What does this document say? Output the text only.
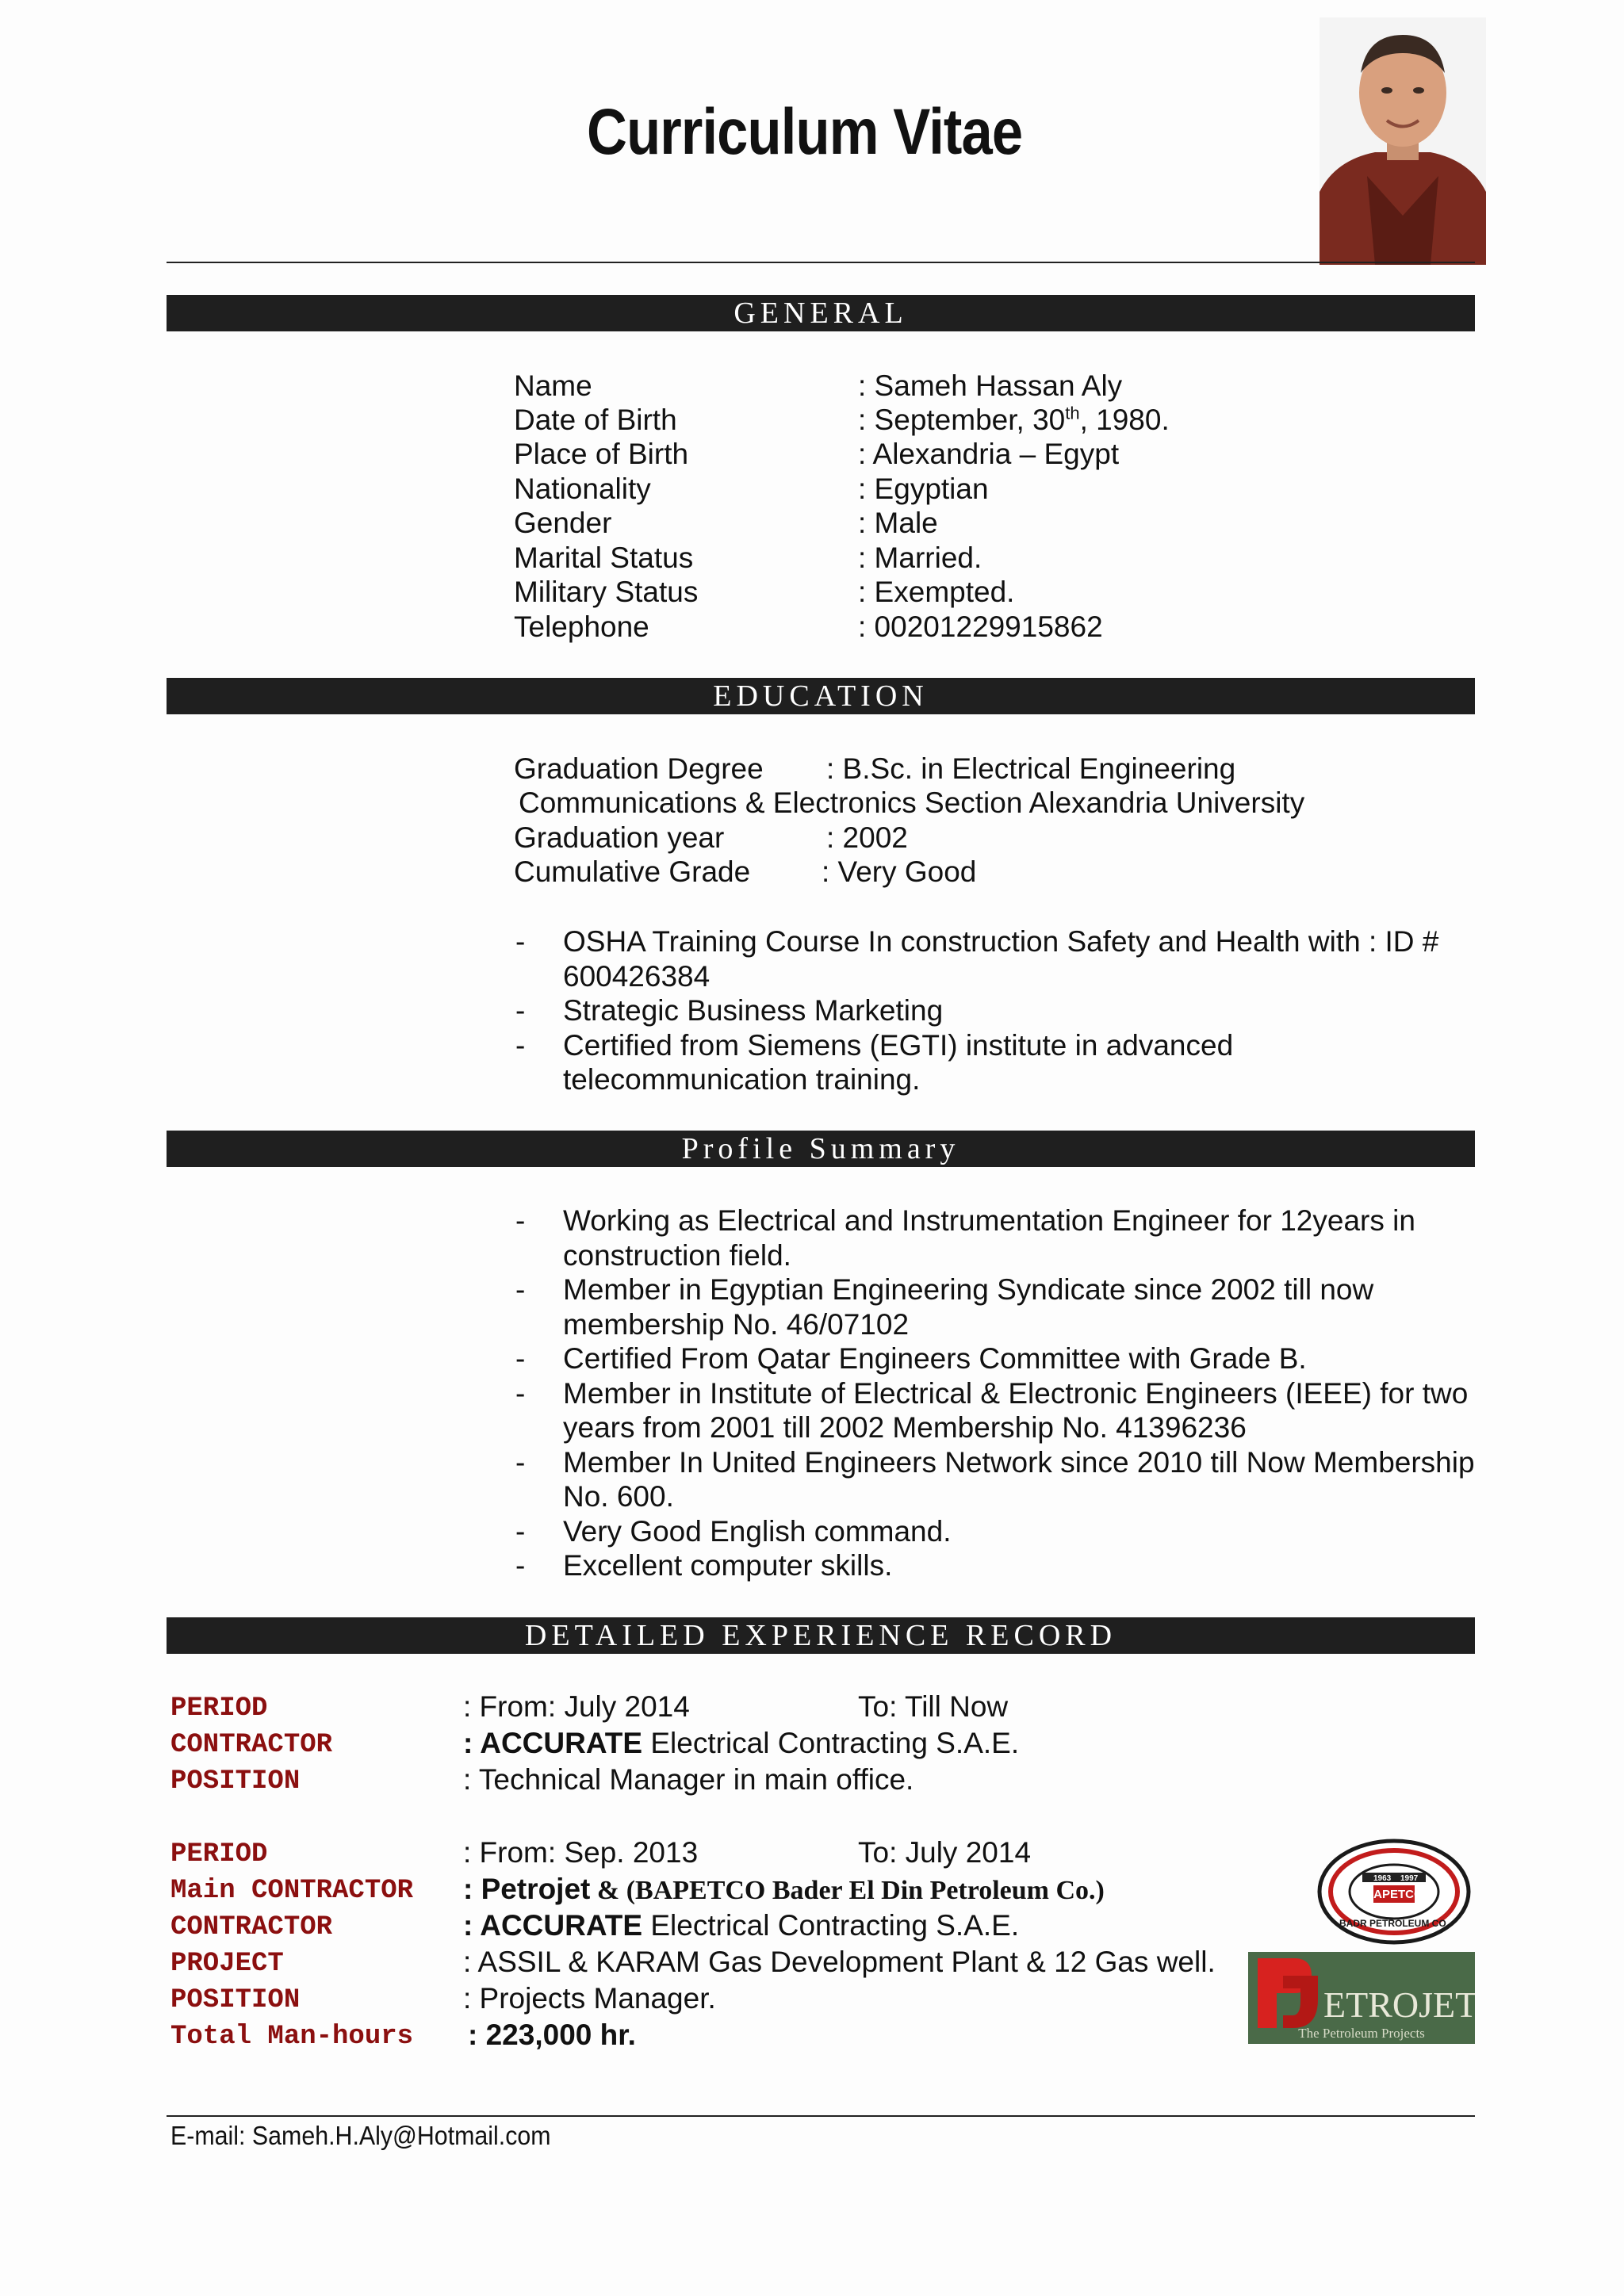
Curriculum Vitae
GENERAL
Name	: Sameh Hassan Aly
Date of Birth	: September, 30th, 1980.
Place of Birth	: Alexandria – Egypt
Nationality	: Egyptian
Gender	: Male
Marital Status	: Married.
Military Status	: Exempted.
Telephone	: 00201229915862
EDUCATION
Graduation Degree : B.Sc. in Electrical Engineering
Communications & Electronics Section Alexandria University
Graduation year	: 2002
Cumulative Grade : Very Good
- OSHA Training Course In construction Safety and Health with : ID # 600426384
- Strategic Business Marketing
- Certified from Siemens (EGTI) institute in advanced telecommunication training.
Profile Summary
- Working as Electrical and Instrumentation Engineer for 12years in construction field.
- Member in Egyptian Engineering Syndicate since 2002 till now membership No. 46/07102
- Certified From Qatar Engineers Committee with Grade B.
- Member in Institute of Electrical & Electronic Engineers (IEEE) for two years from 2001 till 2002 Membership No. 41396236
- Member In United Engineers Network since 2010 till Now Membership No. 600.
- Very Good English command.
- Excellent computer skills.
DETAILED EXPERIENCE RECORD
PERIOD	: From: July 2014	To: Till Now
CONTRACTOR	: ACCURATE Electrical Contracting S.A.E.
POSITION	: Technical Manager in main office.
PERIOD	: From: Sep. 2013	To: July 2014
Main CONTRACTOR : Petrojet & (BAPETCO Bader El Din Petroleum Co.)
CONTRACTOR	: ACCURATE Electrical Contracting S.A.E.
PROJECT	: ASSIL & KARAM Gas Development Plant & 12 Gas well.
POSITION	: Projects Manager.
Total Man-hours : 223,000 hr.
BAPETCO
1963 1997
BADR PETROLEUM CO.
ETROJET
The Petroleum Projects
E-mail: Sameh.H.Aly@Hotmail.com
